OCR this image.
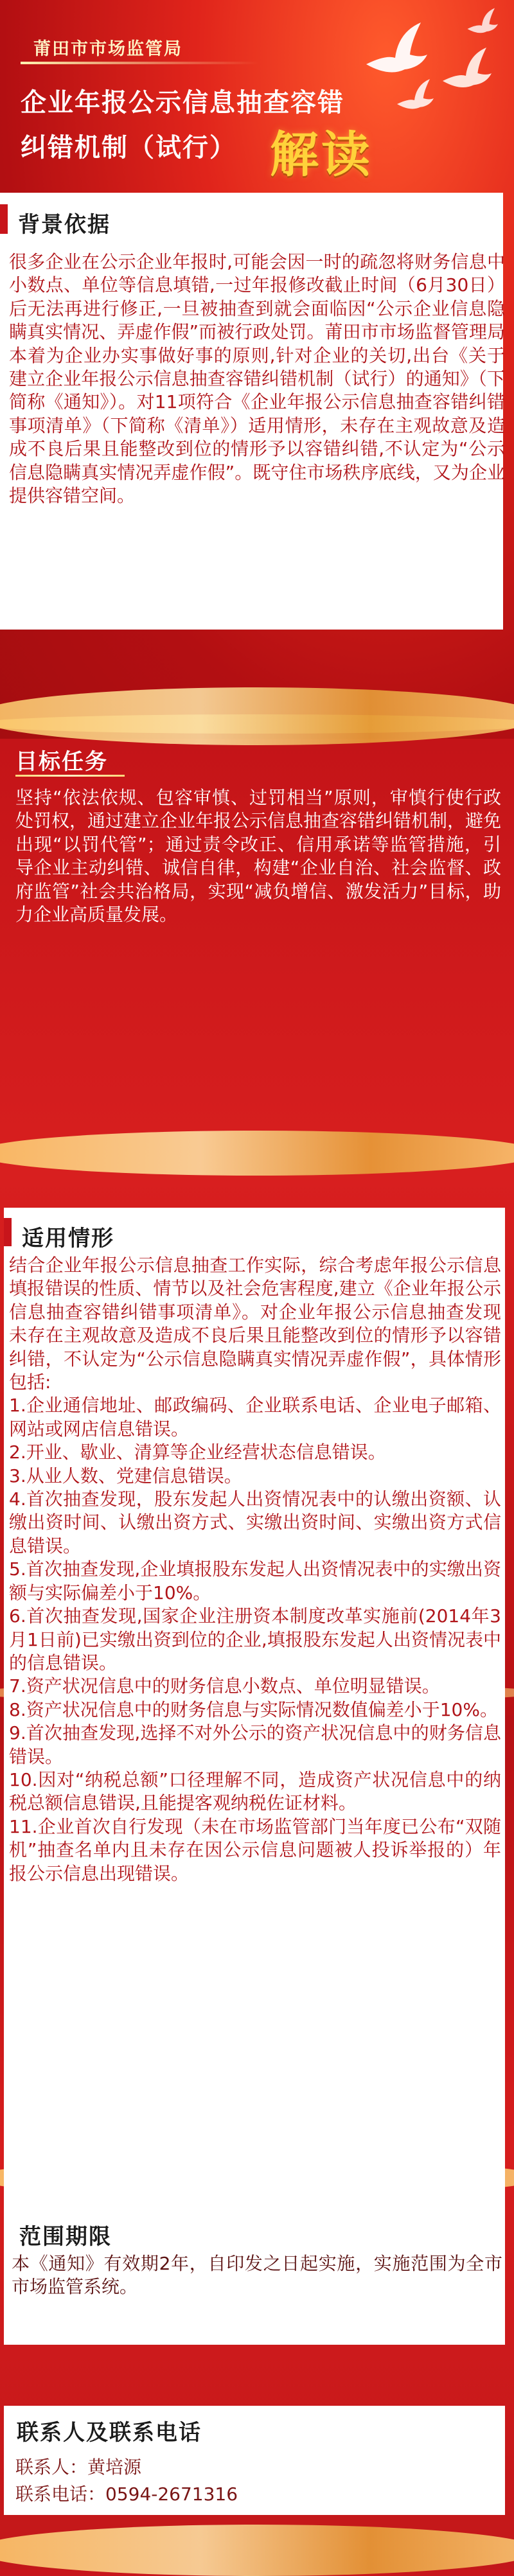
莆田市市场监管局
企业年报公示信息抽查容错
纠错机制（试行） 解读
背景依据
很多企业在公示企业年报时,可能会因一时的疏忽将财务信息中小数点、单位等信息填错,一过年报修改截止时间（6月30日）后无法再进行修正,一旦被抽查到就会面临因“公示企业信息隐瞒真实情况、弄虚作假”而被行政处罚。莆田市市场监督管理局本着为企业办实事做好事的原则,针对企业的关切,出台《关于建立企业年报公示信息抽查容错纠错机制（试行）的通知》（下简称《通知》）。对11项符合《企业年报公示信息抽查容错纠错事项清单》（下简称《清单》）适用情形，未存在主观故意及造成不良后果且能整改到位的情形予以容错纠错,不认定为“公示信息隐瞒真实情况弄虚作假”。既守住市场秩序底线，又为企业提供容错空间。
目标任务
坚持“依法依规、包容审慎、过罚相当”原则，审慎行使行政处罚权，通过建立企业年报公示信息抽查容错纠错机制，避免出现“以罚代管”；通过责令改正、信用承诺等监管措施，引导企业主动纠错、诚信自律，构建“企业自治、社会监督、政府监管”社会共治格局，实现“减负增信、激发活力”目标，助力企业高质量发展。
适用情形
结合企业年报公示信息抽查工作实际，综合考虑年报公示信息填报错误的性质、情节以及社会危害程度,建立《企业年报公示信息抽查容错纠错事项清单》。对企业年报公示信息抽查发现未存在主观故意及造成不良后果且能整改到位的情形予以容错纠错，不认定为“公示信息隐瞒真实情况弄虚作假”，具体情形包括:
1.企业通信地址、邮政编码、企业联系电话、企业电子邮箱、网站或网店信息错误。
2.开业、歇业、清算等企业经营状态信息错误。
3.从业人数、党建信息错误。
4.首次抽查发现，股东发起人出资情况表中的认缴出资额、认缴出资时间、认缴出资方式、实缴出资时间、实缴出资方式信息错误。
5.首次抽查发现,企业填报股东发起人出资情况表中的实缴出资额与实际偏差小于10%。
6.首次抽查发现,国家企业注册资本制度改革实施前(2014年3月1日前)已实缴出资到位的企业,填报股东发起人出资情况表中的信息错误。
7.资产状况信息中的财务信息小数点、单位明显错误。
8.资产状况信息中的财务信息与实际情况数值偏差小于10%。
9.首次抽查发现,选择不对外公示的资产状况信息中的财务信息错误。
10.因对“纳税总额”口径理解不同，造成资产状况信息中的纳税总额信息错误,且能提客观纳税佐证材料。
11.企业首次自行发现（未在市场监管部门当年度已公布“双随机”抽查名单内且未存在因公示信息问题被人投诉举报的）年报公示信息出现错误。
范围期限
本《通知》有效期2年，自印发之日起实施，实施范围为全市市场监管系统。
联系人及联系电话
联系人：黄培源
联系电话：0594-2671316
